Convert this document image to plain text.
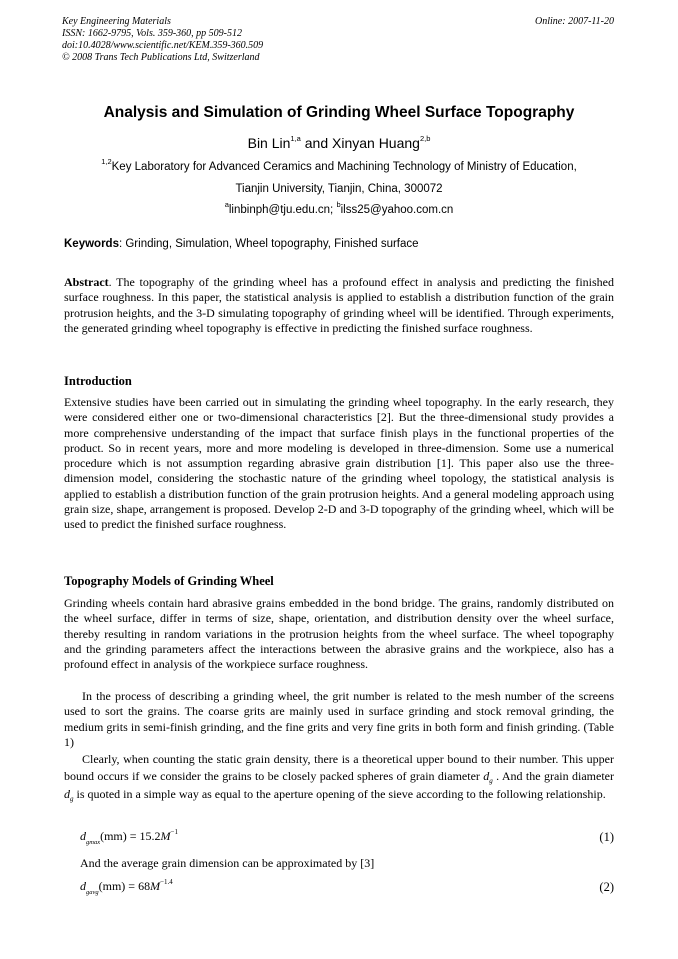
Key Engineering Materials
ISSN: 1662-9795, Vols. 359-360, pp 509-512
doi:10.4028/www.scientific.net/KEM.359-360.509
© 2008 Trans Tech Publications Ltd, Switzerland
Online: 2007-11-20
Analysis and Simulation of Grinding Wheel Surface Topography
Bin Lin$^{1,a}$ and Xinyan Huang$^{2,b}$
$^{1,2}$Key Laboratory for Advanced Ceramics and Machining Technology of Ministry of Education,
Tianjin University, Tianjin, China, 300072
$^a$linbinph@tju.edu.cn; $^b$ilss25@yahoo.com.cn
Keywords: Grinding, Simulation, Wheel topography, Finished surface
Abstract. The topography of the grinding wheel has a profound effect in analysis and predicting the finished surface roughness. In this paper, the statistical analysis is applied to establish a distribution function of the grain protrusion heights, and the 3-D simulating topography of grinding wheel will be identified. Through experiments, the generated grinding wheel topography is effective in predicting the finished surface roughness.
Introduction
Extensive studies have been carried out in simulating the grinding wheel topography. In the early research, they were considered either one or two-dimensional characteristics [2]. But the three-dimensional study provides a more comprehensive understanding of the impact that surface finish plays in the functional properties of the product. So in recent years, more and more modeling is developed in three-dimension. Some use a numerical procedure which is not assumption regarding abrasive grain distribution [1]. This paper also use the three-dimension model, considering the stochastic nature of the grinding wheel topology, the statistical analysis is applied to establish a distribution function of the grain protrusion heights. And a general modeling approach using grain size, shape, arrangement is proposed. Develop 2-D and 3-D topography of the grinding wheel, which will be used to predict the finished surface roughness.
Topography Models of Grinding Wheel
Grinding wheels contain hard abrasive grains embedded in the bond bridge. The grains, randomly distributed on the wheel surface, differ in terms of size, shape, orientation, and distribution density over the wheel surface, thereby resulting in random variations in the protrusion heights from the wheel surface. The wheel topography and the grinding parameters affect the interactions between the abrasive grains and the workpiece, also has a profound effect in analysis of the workpiece surface roughness.
In the process of describing a grinding wheel, the grit number is related to the mesh number of the screens used to sort the grains. The coarse grits are mainly used in surface grinding and stock removal grinding, the medium grits in semi-finish grinding, and the fine grits and very fine grits in both form and finish grinding. (Table 1)
Clearly, when counting the static grain density, there is a theoretical upper bound to their number. This upper bound occurs if we consider the grains to be closely packed spheres of grain diameter $d_g$ . And the grain diameter $d_g$ is quoted in a simple way as equal to the aperture opening of the sieve according to the following relationship.
$d_{gmax}(mm) = 15.2M^{-1}$	(1)
And the average grain dimension can be approximated by [3]
$d_{gavg}(mm) = 68M^{-1.4}$	(2)
